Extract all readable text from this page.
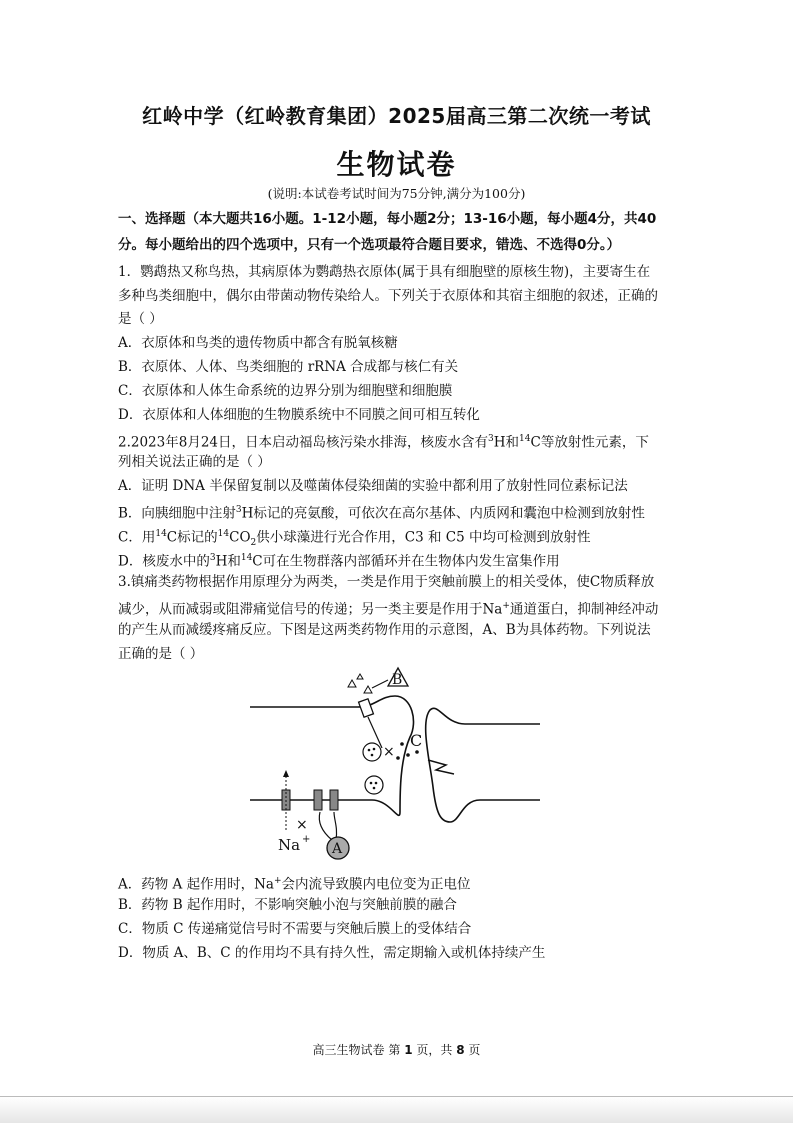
红岭中学（红岭教育集团）2025届高三第二次统一考试
生物试卷
(说明:本试卷考试时间为75分钟,满分为100分)
一、选择题（本大题共16小题。1-12小题，每小题2分；13-16小题，每小题4分，共40
分。每小题给出的四个选项中，只有一个选项最符合题目要求，错选、不选得0分。）
1．鹦鹉热又称鸟热，其病原体为鹦鹉热衣原体(属于具有细胞壁的原核生物)，主要寄生在
多种鸟类细胞中，偶尔由带菌动物传染给人。下列关于衣原体和其宿主细胞的叙述，正确的
是（ ）
A．衣原体和鸟类的遗传物质中都含有脱氧核糖
B．衣原体、人体、鸟类细胞的 rRNA 合成都与核仁有关
C．衣原体和人体生命系统的边界分别为细胞壁和细胞膜
D．衣原体和人体细胞的生物膜系统中不同膜之间可相互转化
2.2023年8月24日，日本启动福岛核污染水排海，核废水含有$^3$H和$^{14}$C等放射性元素，下
列相关说法正确的是（ ）
A．证明 DNA 半保留复制以及噬菌体侵染细菌的实验中都利用了放射性同位素标记法
B．向胰细胞中注射$^3$H标记的亮氨酸，可依次在高尔基体、内质网和囊泡中检测到放射性
C．用$^{14}$C标记的$^{14}CO_2$供小球藻进行光合作用，C3 和 C5 中均可检测到放射性
D．核废水中的$^3$H和$^{14}$C可在生物群落内部循环并在生物体内发生富集作用
3.镇痛类药物根据作用原理分为两类，一类是作用于突触前膜上的相关受体，使C物质释放
减少，从而减弱或阻滞痛觉信号的传递；另一类主要是作用于Na+通道蛋白，抑制神经冲动
的产生从而减缓疼痛反应。下图是这两类药物作用的示意图，A、B为具体药物。下列说法
正确的是（ ）
B
×
C
×
Na +
A
A．药物 A 起作用时，Na+会内流导致膜内电位变为正电位
B．药物 B 起作用时，不影响突触小泡与突触前膜的融合
C．物质 C 传递痛觉信号时不需要与突触后膜上的受体结合
D．物质 A、B、C 的作用均不具有持久性，需定期输入或机体持续产生
高三生物试卷 第 1 页，共 8 页
